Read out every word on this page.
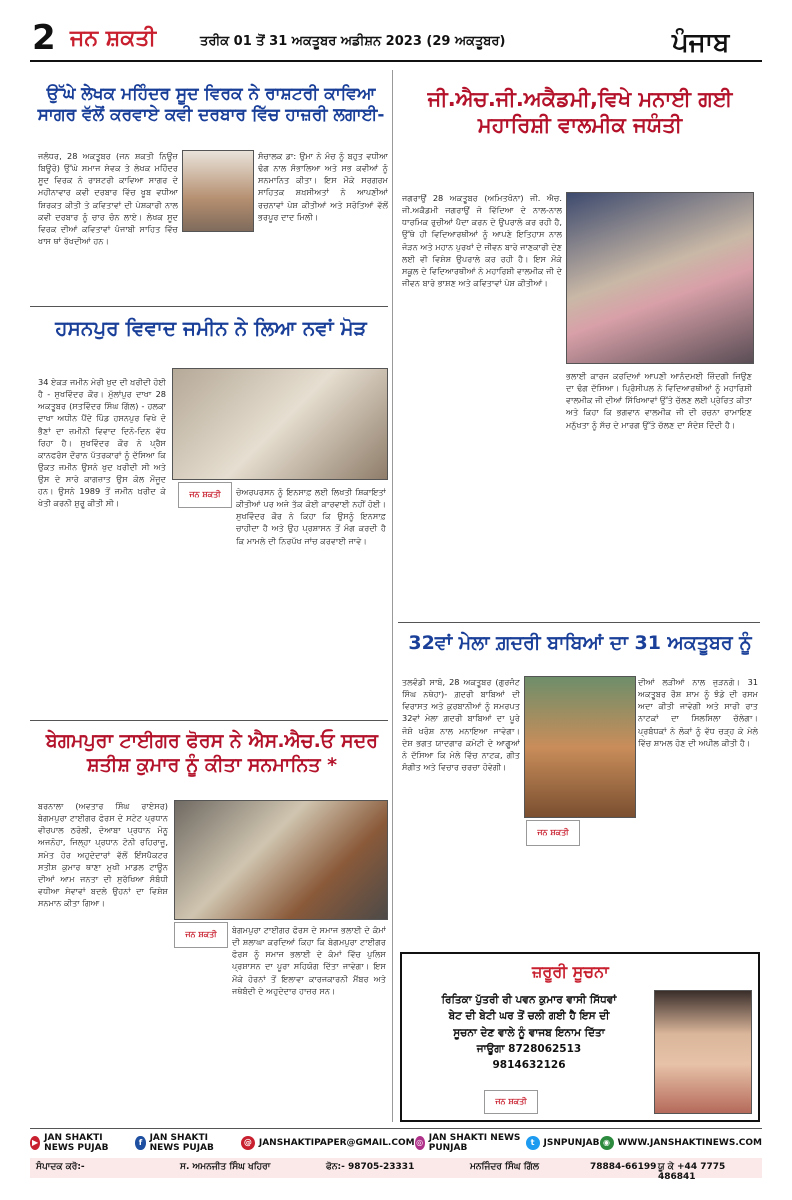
2 ਜਨ ਸ਼ਕਤੀ	ਤਰੀਕ 01 ਤੋਂ 31 ਅਕਤੂਬਰ ਅਡੀਸ਼ਨ 2023 (29 ਅਕਤੂਬਰ)	ਪੰਜਾਬ
ਉੱਘੇ ਲੇਖਕ ਮਹਿੰਦਰ ਸੂਦ ਵਿਰਕ ਨੇ ਰਾਸ਼ਟਰੀ ਕਾਵਿਆ ਸਾਗਰ ਵੱਲੋਂ ਕਰਵਾਏ ਕਵੀ ਦਰਬਾਰ ਵਿੱਚ ਹਾਜ਼ਰੀ ਲਗਾਈ-
ਜਲੰਧਰ, 28 ਅਕਤੂਬਰ (ਜਨ ਸ਼ਕਤੀ ਨਿਊਜ਼ ਬਿਊਰੋ) ਉੱਘੇ ਸਮਾਜ ਸੇਵਕ ਤੇ ਲੇਖਕ ਮਹਿੰਦਰ ਸੂਦ ਵਿਰਕ ਨੇ ਰਾਸ਼ਟਰੀ ਕਾਵਿਆ ਸਾਗਰ ਦੇ ਮਹੀਨਾਵਾਰ ਕਵੀ ਦਰਬਾਰ ਵਿੱਚ ਖੂਬ ਵਧੀਆ ਸ਼ਿਰਕਤ ਕੀਤੀ ਤੇ ਕਵਿਤਾਵਾਂ ਦੀ ਪੇਸ਼ਕਾਰੀ ਨਾਲ ਕਵੀ ਦਰਬਾਰ ਨੂੰ ਚਾਰ ਚੰਨ ਲਾਏ। ਲੇਖਕ ਸੂਦ ਵਿਰਕ ਦੀਆਂ ਕਵਿਤਾਵਾਂ ਪੰਜਾਬੀ ਸਾਹਿਤ ਵਿੱਚ ਖਾਸ ਥਾਂ ਰੱਖਦੀਆਂ ਹਨ।
ਸੰਚਾਲਕ ਡਾ: ਉਮਾ ਨੇ ਮੰਚ ਨੂੰ ਬਹੁਤ ਵਧੀਆ ਢੰਗ ਨਾਲ ਸੰਭਾਲਿਆ ਅਤੇ ਸਭ ਕਵੀਆਂ ਨੂੰ ਸਨਮਾਨਿਤ ਕੀਤਾ। ਇਸ ਮੌਕੇ ਸਰਗਰਮ ਸਾਹਿਤਕ ਸ਼ਖ਼ਸੀਅਤਾਂ ਨੇ ਆਪਣੀਆਂ ਰਚਨਾਵਾਂ ਪੇਸ਼ ਕੀਤੀਆਂ ਅਤੇ ਸਰੋਤਿਆਂ ਵੱਲੋਂ ਭਰਪੂਰ ਦਾਦ ਮਿਲੀ।
ਹਸਨਪੁਰ ਵਿਵਾਦ ਜਮੀਨ ਨੇ ਲਿਆ ਨਵਾਂ ਮੋੜ
34 ਏਕੜ ਜਮੀਨ ਮੇਰੀ ਖੁਦ ਦੀ ਖ਼ਰੀਦੀ ਹੋਈ ਹੈ - ਸੁਖਵਿੰਦਰ ਕੌਰ। ਮੁੱਲਾਂਪੁਰ ਦਾਖਾ 28 ਅਕਤੂਬਰ (ਸਤਵਿੰਦਰ ਸਿੰਘ ਗਿੱਲ) - ਹਲਕਾ ਦਾਖਾ ਅਧੀਨ ਪੈਂਦੇ ਪਿੰਡ ਹਸਨਪੁਰ ਵਿਖੇ ਦੋ ਭੈਣਾਂ ਦਾ ਜ਼ਮੀਨੀ ਵਿਵਾਦ ਦਿਨੋ-ਦਿਨ ਵੱਧ ਰਿਹਾ ਹੈ। ਸੁਖਵਿੰਦਰ ਕੌਰ ਨੇ ਪ੍ਰੈਸ ਕਾਨਫਰੰਸ ਦੌਰਾਨ ਪੱਤਰਕਾਰਾਂ ਨੂੰ ਦੱਸਿਆ ਕਿ ਉਕਤ ਜਮੀਨ ਉਸਨੇ ਖੁਦ ਖ਼ਰੀਦੀ ਸੀ ਅਤੇ ਉਸ ਦੇ ਸਾਰੇ ਕਾਗਜ਼ਾਤ ਉਸ ਕੋਲ ਮੌਜੂਦ ਹਨ। ਉਸਨੇ 1989 ਤੋਂ ਜਮੀਨ ਖ਼ਰੀਦ ਕੇ ਖੇਤੀ ਕਰਨੀ ਸ਼ੁਰੂ ਕੀਤੀ ਸੀ।
ਜਨ ਸ਼ਕਤੀ	ਚੇਅਰਪਰਸਨ ਨੂੰ ਇਨਸਾਫ਼ ਲਈ ਲਿਖਤੀ ਸ਼ਿਕਾਇਤਾਂ ਕੀਤੀਆਂ ਪਰ ਅਜੇ ਤੱਕ ਕੋਈ ਕਾਰਵਾਈ ਨਹੀਂ ਹੋਈ। ਸੁਖਵਿੰਦਰ ਕੌਰ ਨੇ ਕਿਹਾ ਕਿ ਉਸਨੂੰ ਇਨਸਾਫ਼ ਚਾਹੀਦਾ ਹੈ ਅਤੇ ਉਹ ਪ੍ਰਸ਼ਾਸਨ ਤੋਂ ਮੰਗ ਕਰਦੀ ਹੈ ਕਿ ਮਾਮਲੇ ਦੀ ਨਿਰਪੱਖ ਜਾਂਚ ਕਰਵਾਈ ਜਾਵੇ।
ਬੇਗਮਪੁਰਾ ਟਾਈਗਰ ਫੋਰਸ ਨੇ ਐਸ.ਐਚ.ਓ ਸਦਰ ਸ਼ਤੀਸ਼ ਕੁਮਾਰ ਨੂੰ ਕੀਤਾ ਸਨਮਾਨਿਤ *
ਬਰਨਾਲਾ (ਅਵਤਾਰ ਸਿੰਘ ਰਾਏਸਰ) ਬੇਗਮਪੁਰਾ ਟਾਈਗਰ ਫੋਰਸ ਦੇ ਸਟੇਟ ਪ੍ਰਧਾਨ ਵੀਰਪਾਲ ਠਰੋਲੀ, ਦੋਆਬਾ ਪ੍ਰਧਾਨ ਮੋਨੂ ਅਜਨੋਹਾ, ਜਿਲ੍ਹਾ ਪ੍ਰਧਾਨ ਟੋਨੀ ਰਹਿਰਾਜੂ, ਸਮੇਤ ਹੋਰ ਅਹੁਦੇਦਾਰਾਂ ਵੱਲੋਂ ਇੰਸਪੈਕਟਰ ਸਤੀਸ਼ ਕੁਮਾਰ ਥਾਣਾ ਮੁਖੀ ਮਾਡਲ ਟਾਊਨ ਦੀਆਂ ਆਮ ਜਨਤਾ ਦੀ ਸੁਰੱਖਿਆ ਸੰਬੰਧੀ ਵਧੀਆ ਸੇਵਾਵਾਂ ਬਦਲੇ ਉਹਨਾਂ ਦਾ ਵਿਸ਼ੇਸ਼ ਸਨਮਾਨ ਕੀਤਾ ਗਿਆ।
ਜਨ ਸ਼ਕਤੀ	ਬੇਗਮਪੁਰਾ ਟਾਈਗਰ ਫੋਰਸ ਦੇ ਸਮਾਜ ਭਲਾਈ ਦੇ ਕੰਮਾਂ ਦੀ ਸ਼ਲਾਘਾ ਕਰਦਿਆਂ ਕਿਹਾ ਕਿ ਬੇਗਮਪੁਰਾ ਟਾਈਗਰ ਫੋਰਸ ਨੂੰ ਸਮਾਜ ਭਲਾਈ ਦੇ ਕੰਮਾਂ ਵਿੱਚ ਪੁਲਿਸ ਪ੍ਰਸ਼ਾਸਨ ਦਾ ਪੂਰਾ ਸਹਿਯੋਗ ਦਿੱਤਾ ਜਾਵੇਗਾ। ਇਸ ਮੌਕੇ ਹੋਰਨਾਂ ਤੋਂ ਇਲਾਵਾ ਕਾਰਜਕਾਰਨੀ ਮੈਂਬਰ ਅਤੇ ਜਥੇਬੰਦੀ ਦੇ ਅਹੁਦੇਦਾਰ ਹਾਜ਼ਰ ਸਨ।
ਜੀ.ਐਚ.ਜੀ.ਅਕੈਡਮੀ,ਵਿਖੇ ਮਨਾਈ ਗਈ ਮਹਾਰਿਸ਼ੀ ਵਾਲਮੀਕ ਜਯੰਤੀ
ਜਗਰਾਉਂ 28 ਅਕਤੂਬਰ (ਅਮਿਤਖੰਨਾ) ਜੀ. ਐਚ. ਜੀ.ਅਕੈਡਮੀ ਜਗਰਾਉਂ ਜੋ ਵਿੱਦਿਆ ਦੇ ਨਾਲ-ਨਾਲ ਧਾਰਮਿਕ ਰੁਚੀਆਂ ਪੈਦਾ ਕਰਨ ਦੇ ਉਪਰਾਲੇ ਕਰ ਰਹੀ ਹੈ, ਉੱਥੇ ਹੀ ਵਿਦਿਆਰਥੀਆਂ ਨੂੰ ਆਪਣੇ ਇਤਿਹਾਸ ਨਾਲ ਜੋੜਨ ਅਤੇ ਮਹਾਨ ਪੁਰਖਾਂ ਦੇ ਜੀਵਨ ਬਾਰੇ ਜਾਣਕਾਰੀ ਦੇਣ ਲਈ ਵੀ ਵਿਸ਼ੇਸ਼ ਉਪਰਾਲੇ ਕਰ ਰਹੀ ਹੈ। ਇਸ ਮੌਕੇ ਸਕੂਲ ਦੇ ਵਿਦਿਆਰਥੀਆਂ ਨੇ ਮਹਾਰਿਸ਼ੀ ਵਾਲਮੀਕ ਜੀ ਦੇ ਜੀਵਨ ਬਾਰੇ ਭਾਸ਼ਣ ਅਤੇ ਕਵਿਤਾਵਾਂ ਪੇਸ਼ ਕੀਤੀਆਂ।
ਭਲਾਈ ਕਾਰਜ ਕਰਦਿਆਂ ਆਪਣੀ ਆਨੰਦਮਈ ਜ਼ਿੰਦਗੀ ਜਿਉਣ ਦਾ ਢੰਗ ਦੱਸਿਆ। ਪ੍ਰਿੰਸੀਪਲ ਨੇ ਵਿਦਿਆਰਥੀਆਂ ਨੂੰ ਮਹਾਰਿਸ਼ੀ ਵਾਲਮੀਕ ਜੀ ਦੀਆਂ ਸਿੱਖਿਆਵਾਂ ਉੱਤੇ ਚੱਲਣ ਲਈ ਪ੍ਰੇਰਿਤ ਕੀਤਾ ਅਤੇ ਕਿਹਾ ਕਿ ਭਗਵਾਨ ਵਾਲਮੀਕ ਜੀ ਦੀ ਰਚਨਾ ਰਾਮਾਇਣ ਮਨੁੱਖਤਾ ਨੂੰ ਸੱਚ ਦੇ ਮਾਰਗ ਉੱਤੇ ਚੱਲਣ ਦਾ ਸੰਦੇਸ਼ ਦਿੰਦੀ ਹੈ।
32ਵਾਂ ਮੇਲਾ ਗ਼ਦਰੀ ਬਾਬਿਆਂ ਦਾ 31 ਅਕਤੂਬਰ ਨੂੰ
ਤਲਵੰਡੀ ਸਾਬੋ, 28 ਅਕਤੂਬਰ (ਗੁਰਜੰਟ ਸਿੰਘ ਨਥੇਹਾ)- ਗ਼ਦਰੀ ਬਾਬਿਆਂ ਦੀ ਵਿਰਾਸਤ ਅਤੇ ਕੁਰਬਾਨੀਆਂ ਨੂੰ ਸਮਰਪਤ 32ਵਾਂ ਮੇਲਾ ਗ਼ਦਰੀ ਬਾਬਿਆਂ ਦਾ ਪੂਰੇ ਜੋਸ਼ੋ ਖਰੋਸ਼ ਨਾਲ ਮਨਾਇਆ ਜਾਵੇਗਾ। ਦੇਸ਼ ਭਗਤ ਯਾਦਗਾਰ ਕਮੇਟੀ ਦੇ ਆਗੂਆਂ ਨੇ ਦੱਸਿਆ ਕਿ ਮੇਲੇ ਵਿੱਚ ਨਾਟਕ, ਗੀਤ ਸੰਗੀਤ ਅਤੇ ਵਿਚਾਰ ਚਰਚਾ ਹੋਵੇਗੀ।
ਜਨ ਸ਼ਕਤੀ
ਦੀਆਂ ਲੜੀਆਂ ਨਾਲ ਜੁੜਨਗੇ। 31 ਅਕਤੂਬਰ ਰੌਸ਼ ਸ਼ਾਮ ਨੂੰ ਝੰਡੇ ਦੀ ਰਸਮ ਅਦਾ ਕੀਤੀ ਜਾਵੇਗੀ ਅਤੇ ਸਾਰੀ ਰਾਤ ਨਾਟਕਾਂ ਦਾ ਸਿਲਸਿਲਾ ਚੱਲੇਗਾ। ਪ੍ਰਬੰਧਕਾਂ ਨੇ ਲੋਕਾਂ ਨੂੰ ਵੱਧ ਚੜ੍ਹ ਕੇ ਮੇਲੇ ਵਿੱਚ ਸ਼ਾਮਲ ਹੋਣ ਦੀ ਅਪੀਲ ਕੀਤੀ ਹੈ।
ਜ਼ਰੂਰੀ ਸੂਚਨਾ
ਰਿਤਿਕਾ ਪੁੱਤਰੀ ਰੀ ਪਵਨ ਕੁਮਾਰ ਵਾਸੀ ਸਿੱਧਵਾਂ
ਬੇਟ ਦੀ ਬੇਟੀ ਘਰ ਤੋਂ ਚਲੀ ਗਈ ਹੈ ਇਸ ਦੀ
ਸੂਚਨਾ ਦੇਣ ਵਾਲੇ ਨੂੰ ਵਾਜਬ ਇਨਾਮ ਦਿੱਤਾ
ਜਾਊਗਾ 8728062513
9814632126
ਜਨ ਸ਼ਕਤੀ
▶ JAN SHAKTI NEWS PUJAB
f JAN SHAKTI NEWS PUJAB
@ JANSHAKTIPAPER@GMAIL.COM ◎ JAN SHAKTI NEWS PUNJAB
t	JSNPUNJAB ◉ WWW.JANSHAKTINEWS.COM
ਸੰਪਾਦਕ ਕਰੋ:-	ਸ. ਅਮਨਜੀਤ ਸਿੰਘ ਖਹਿਰਾ	ਫੋਨ:- 98705-23331	ਮਨਜਿੰਦਰ ਸਿੰਘ ਗਿੱਲ	78884-66199 ਯੂ ਕੇ +44 7775 486841
